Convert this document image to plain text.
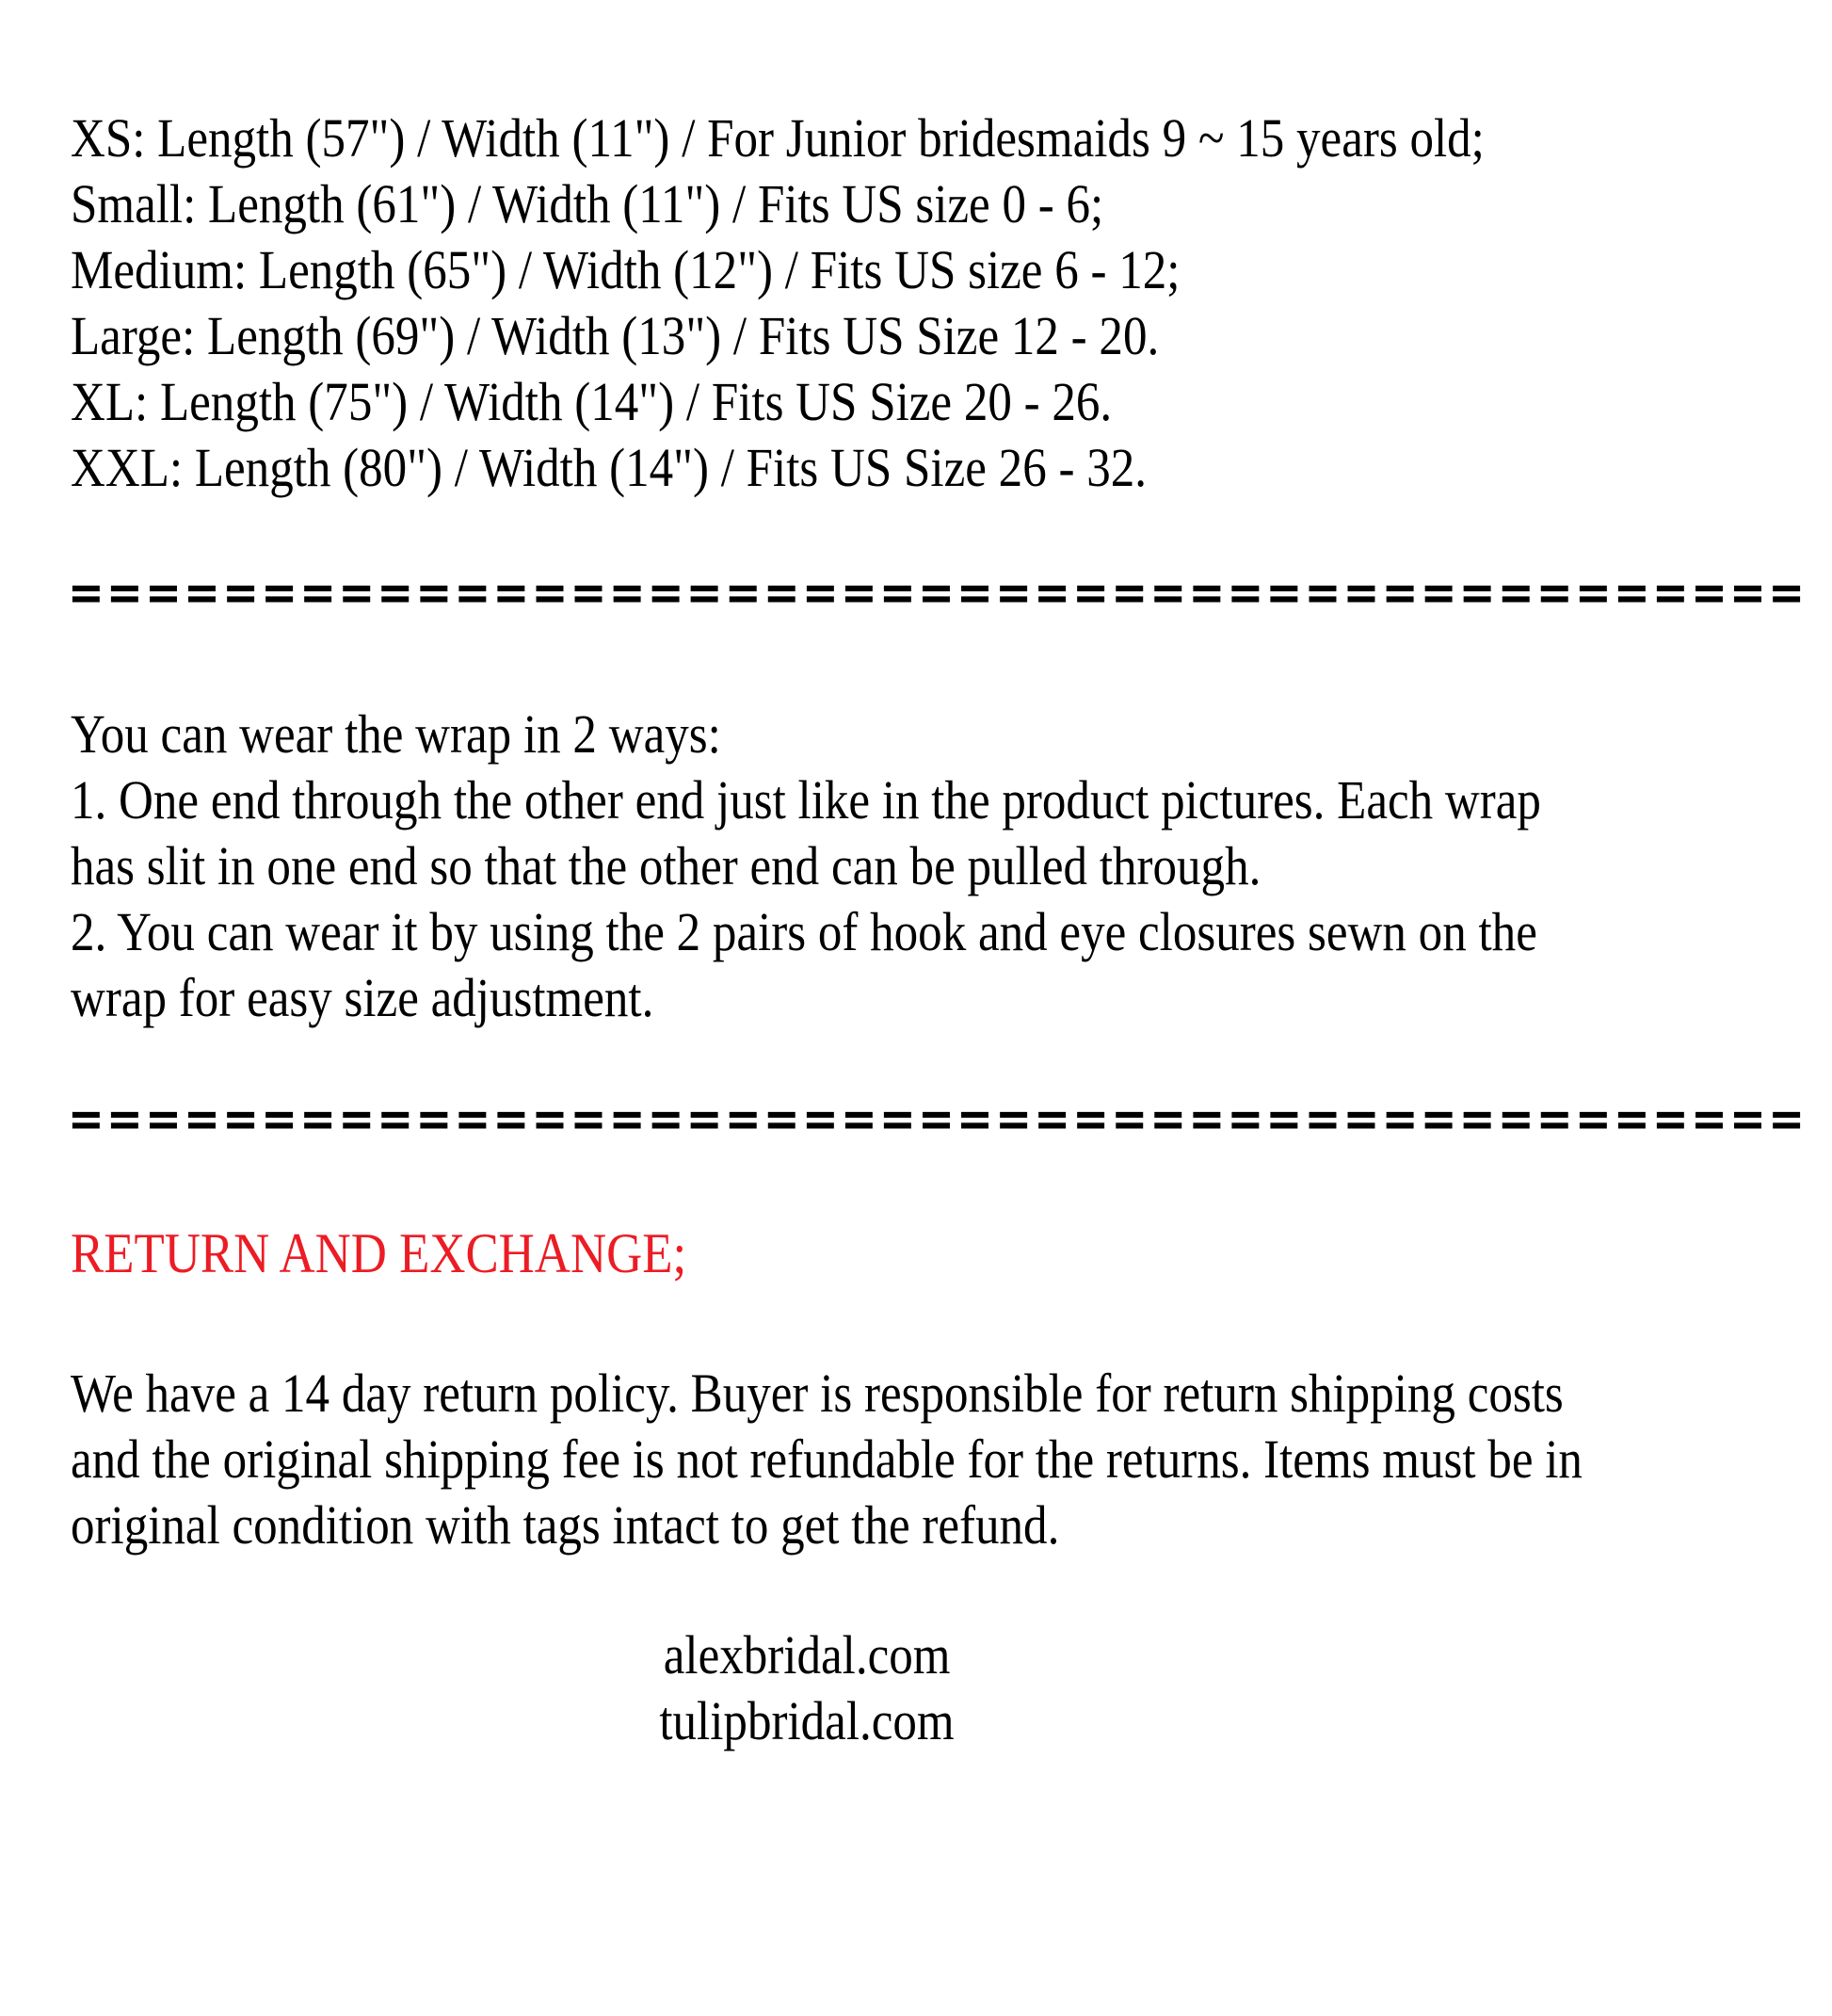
XS: Length (57") / Width (11") / For Junior bridesmaids 9 ~ 15 years old;
Small: Length (61") / Width (11") / Fits US size 0 - 6;
Medium: Length (65") / Width (12") / Fits US size 6 - 12;
Large: Length (69") / Width (13") / Fits US Size 12 - 20.
XL: Length (75") / Width (14") / Fits US Size 20 - 26.
XXL: Length (80") / Width (14") / Fits US Size 26 - 32.
=============================================
You can wear the wrap in 2 ways:
1. One end through the other end just like in the product pictures. Each wrap
has slit in one end so that the other end can be pulled through.
2. You can wear it by using the 2 pairs of hook and eye closures sewn on the
wrap for easy size adjustment.
=============================================
RETURN AND EXCHANGE;
We have a 14 day return policy. Buyer is responsible for return shipping costs
and the original shipping fee is not refundable for the returns. Items must be in
original condition with tags intact to get the refund.
alexbridal.com
tulipbridal.com
